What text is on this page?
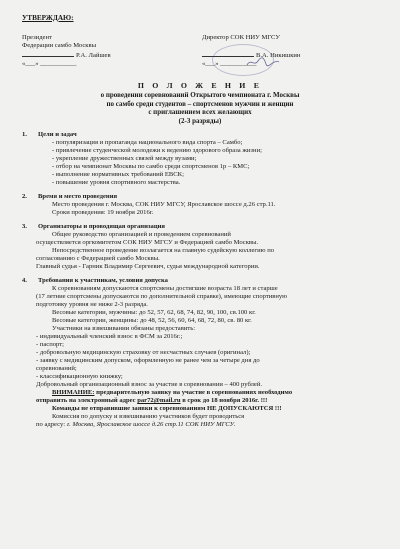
УТВЕРЖДАЮ:
Президент
Федерации самбо Москвы
Р.А. Лайшев
«___» ___________
Директор СОК НИУ МГСУ
В.А. Никишкин
«___» ___________
П О Л О Ж Е Н И Е
о проведении соревнований Открытого чемпионата г. Москвы
по самбо среди студентов – спортсменов мужчин и женщин
с приглашением всех желающих
(2-3 разряды)
1. Цели и задач
- популяризация и пропаганда национального вида спорта – Самбо;
- привлечение студенческой молодежи к ведению здорового образа жизни;
- укрепление дружественных связей между вузами;
- отбор на чемпионат Москвы по самбо среди спортсменов 1р – КМС;
- выполнение нормативных требований ЕВСК;
- повышение уровня спортивного мастерства.
2. Время и место проведения
Место проведения г. Москва, СОК НИУ МГСУ, Ярославское шоссе д.26 стр.11.
Сроки проведения: 19 ноября 2016г.
3. Организаторы и проводящая организация
Общее руководство организацией и проведением соревнований
осуществляется оргкомитетом СОК НИУ МГСУ и Федерацией самбо Москвы.
Непосредственное проведение возлагается на главную судейскую коллегию по
согласованию с Федерацией самбо Москвы.
Главный судья - Гарник Владимир Сергеевич, судья международной категории.
4. Требования к участникам, условия допуска
К соревнованиям допускаются спортсмены достигшие возраста 18 лет и старше
(17 летние спортсмены допускаются по дополнительной справке), имеющие спортивную
подготовку уровня не ниже 2-3 разряда.
Весовые категории, мужчины: до 52, 57, 62, 68, 74, 82, 90, 100, св.100 кг.
Весовые категории, женщины: до 48, 52, 56, 60, 64, 68, 72, 80, св. 80 кг.
Участники на взвешивании обязаны предоставить:
- индивидуальный членский взнос в ФСМ за 2016г.;
- паспорт;
- добровольную медицинскую страховку от несчастных случаев (оригинал);
- заявку с медицинским допуском, оформленную не ранее чем за четыре дня до
соревнований;
- классификационную книжку;
Добровольный организационный взнос за участие в соревновании – 400 рублей.
ВНИМАНИЕ: предварительную заявку на участие в соревнованиях необходимо
отправить на электронный адрес par72@mail.ru в срок до 18 ноября 2016г. !!!
Команды не отправившие заявки к соревнованиям НЕ ДОПУСКАЮТСЯ !!!
Комиссия по допуску и взвешиванию участников будет проводиться
по адресу: г. Москва, Ярославское шоссе д.26 стр.11 СОК НИУ МГСУ.
